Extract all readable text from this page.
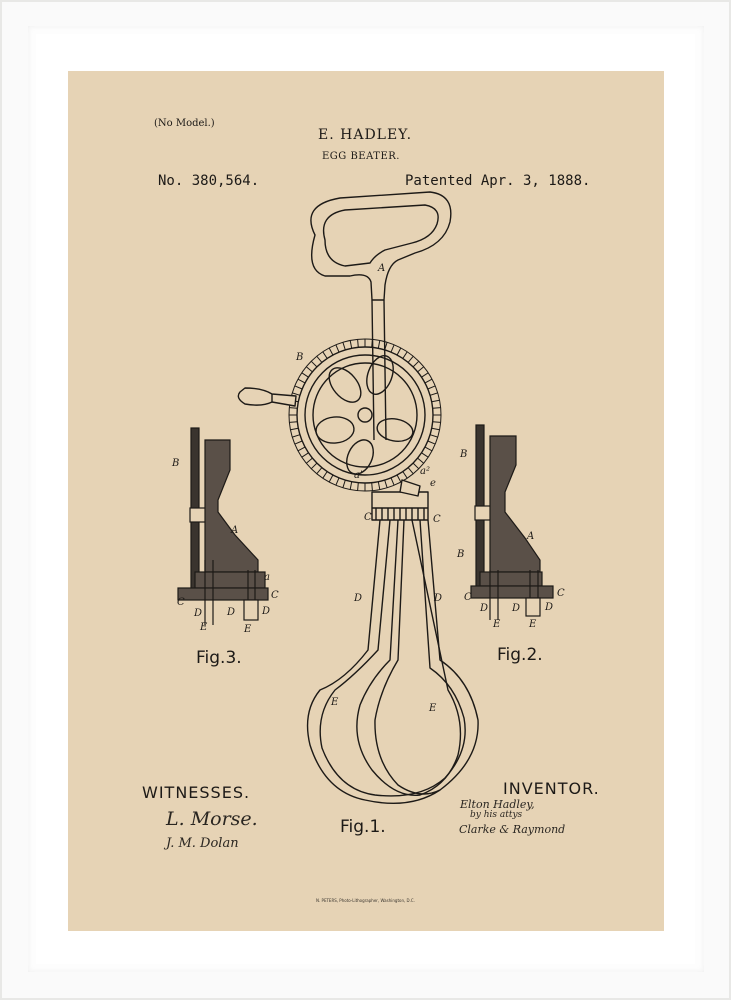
(No Model.)
E. HADLEY.
EGG BEATER.
No. 380,564.	Patented Apr. 3, 1888.
A
B
C	C
D	D
E
E
a'	a²
e
B
A
C
C
D D	D
E	E
a
B
B
A
C	C
D D D
E	E
Fig.3.	Fig.2.
Fig.1.
WITNESSES.	INVENTOR.
L. Morse.
J. M. Dolan
Elton Hadley,
by his attys
Clarke & Raymond
N. PETERS, Photo-Lithographer, Washington, D.C.
